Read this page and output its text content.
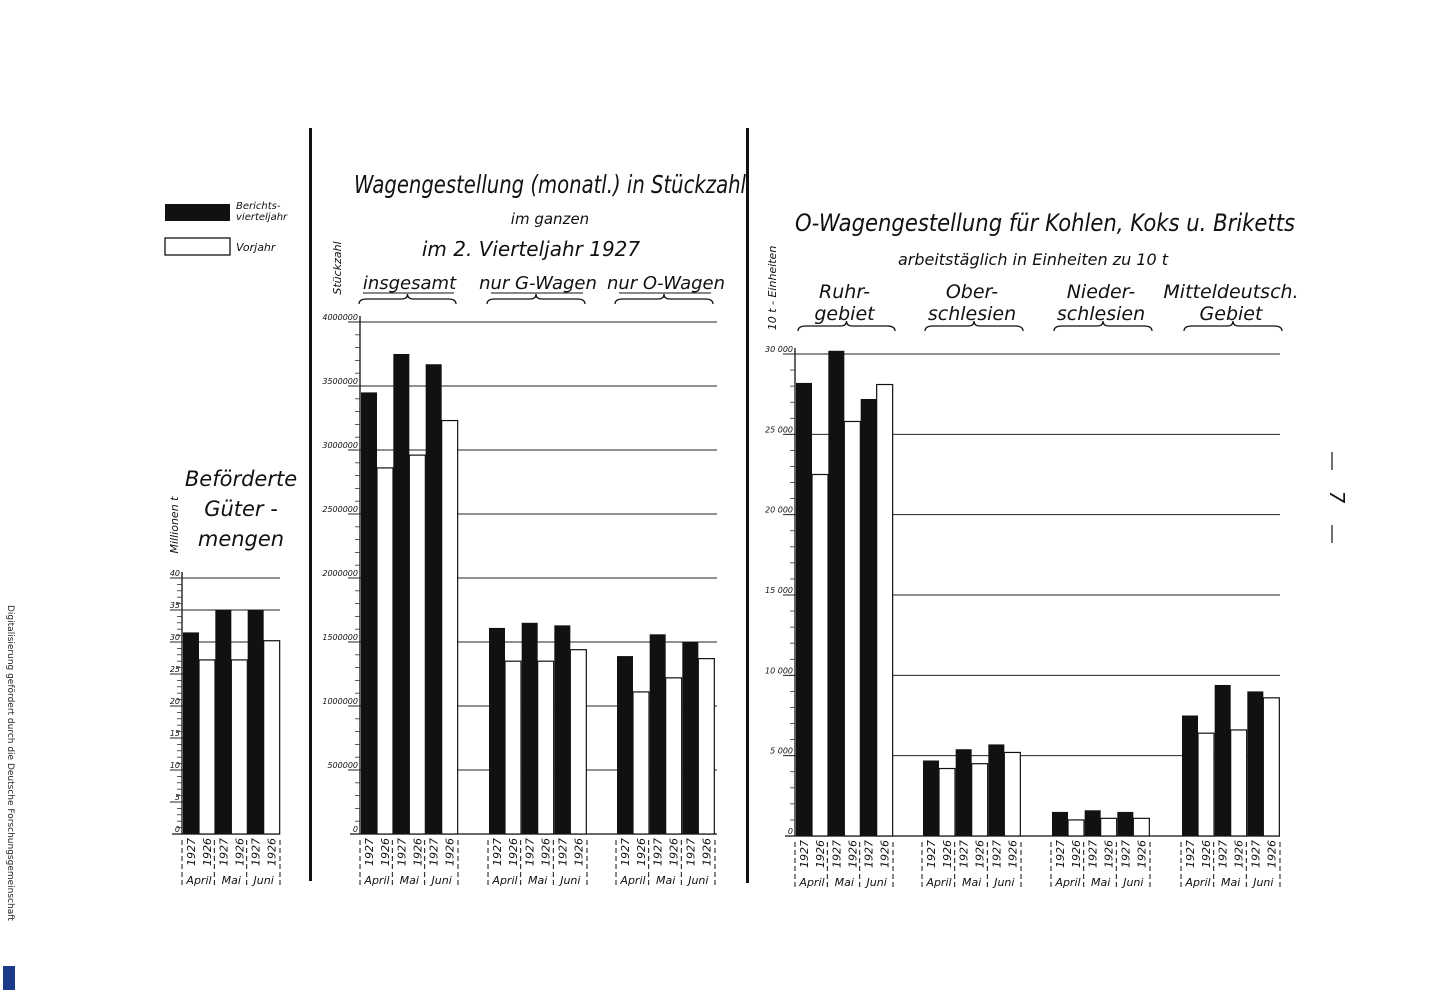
Berichts-vierteljahr
Vorjahr
0
5
10
15
20
25
30
35
40
Millionen t
Beförderte Güter -mengen
1927 1926
April
1927 1926
Mai
1927 1926
Juni
0
500000
1000000
1500000
2000000
2500000
3000000
3500000
4000000
Stückzahl
Wagengestellung (monatl.) in Stückzahl
im ganzen
im 2. Vierteljahr 1927
insgesamt
1927 1926
April
1927 1926
Mai
1927 1926
Juni
nur G-Wagen
1927 1926
April
1927 1926
Mai
1927 1926
Juni
nur O-Wagen
1927 1926
April
1927 1926
Mai
1927 1926
Juni
0
5 000
10 000
15 000
20 000
25 000
30 000
10 t - Einheiten
O-Wagengestellung für Kohlen, Koks u. Briketts
arbeitstäglich in Einheiten zu 10 t
Ruhr-gebiet
1927 1926
April
1927 1926
Mai
1927 1926
Juni
Ober-schlesien
1927 1926
April
1927 1926
Mai
1927 1926
Juni
Nieder-schlesien
1927 1926
April
1927 1926
Mai
1927 1926
Juni
Mitteldeutsch. Gebiet
1927 1926
April
1927 1926
Mai
1927 1926
Juni
Digitalisierung gefördert durch die Deutsche Forschungsgemeinschaft
7
